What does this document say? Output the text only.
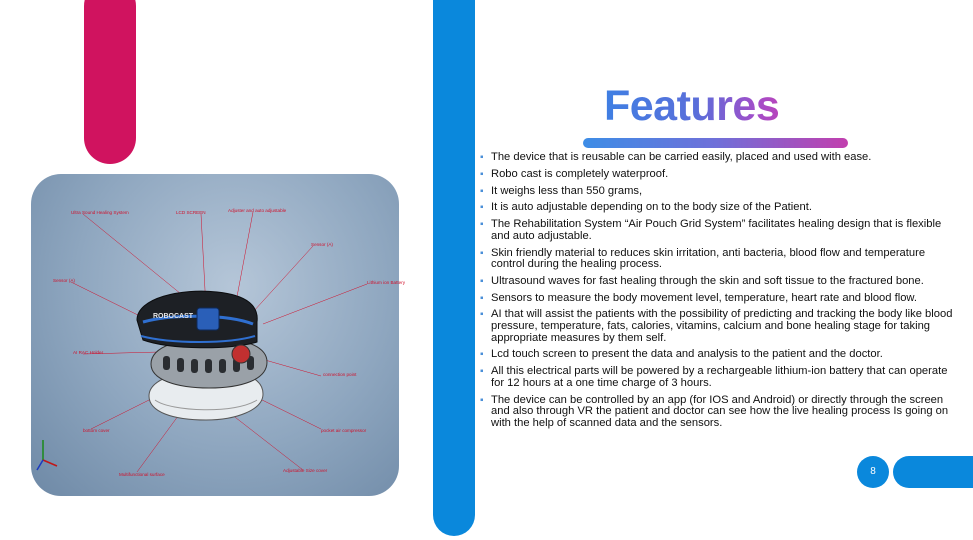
Features
ROBOCAST
Ultra Sound Healing System	LCD SCREEN	Adjuster and auto adjustable
Sensor (A)
Sensor (A)	Lithium ion Battery
AI RAC Holder
connection point
bottom cover	pocket air compressor
Multifunctional surface
Adjustable Size cover
▪ The device that is reusable can be carried easily, placed and used with ease.
▪ Robo cast is completely waterproof.
▪ It weighs less than 550 grams,
▪ It is auto adjustable depending on to the body size of the Patient.
▪ The Rehabilitation System “Air Pouch Grid System” facilitates healing design that is flexible and auto adjustable.
▪ Skin friendly material to reduces skin irritation, anti bacteria, blood flow and temperature control during the healing process.
▪ Ultrasound waves for fast healing through the skin and soft tissue to the fractured bone.
▪ Sensors to measure the body movement level, temperature, heart rate and blood flow.
▪ AI that will assist the patients with the possibility of predicting and tracking the body like blood pressure, temperature, fats, calories, vitamins, calcium and bone healing stage for taking appropriate measures by them self.
▪ Lcd touch screen to present the data and analysis to the patient and the doctor.
▪ All this electrical parts will be powered by a rechargeable lithium-ion battery that can operate for 12 hours at a one time charge of 3 hours.
▪ The device can be controlled by an app (for IOS and Android) or directly through the screen and also through VR the patient and doctor can see how the live healing process Is going on with the help of scanned data and the sensors.
8
